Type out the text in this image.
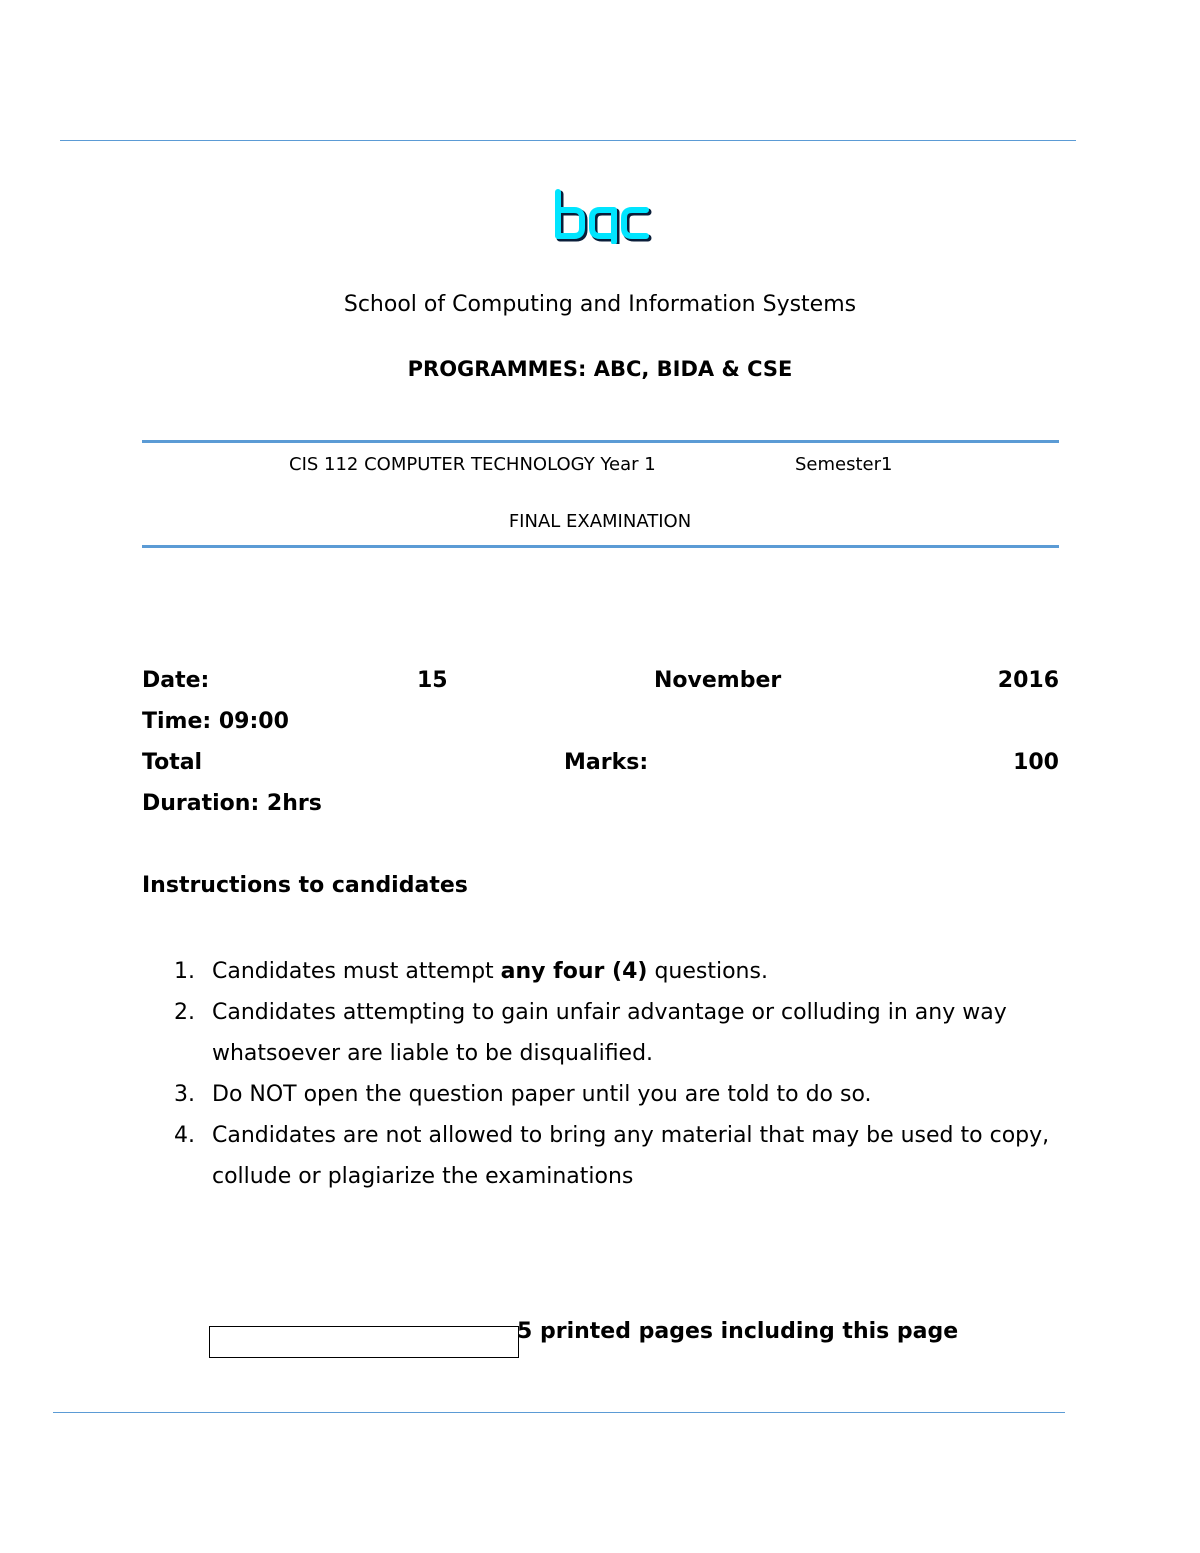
School of Computing and Information Systems
PROGRAMMES: ABC, BIDA & CSE
CIS 112 COMPUTER TECHNOLOGY Year 1	Semester1
FINAL EXAMINATION
Date:	15	November	2016
Time: 09:00
Total	Marks:	100
Duration: 2hrs
Instructions to candidates
1. Candidates must attempt any four (4) questions.
2. Candidates attempting to gain unfair advantage or colluding in any way whatsoever are liable to be disqualified.
3. Do NOT open the question paper until you are told to do so.
4. Candidates are not allowed to bring any material that may be used to copy, collude or plagiarize the examinations
5 printed pages including this page
